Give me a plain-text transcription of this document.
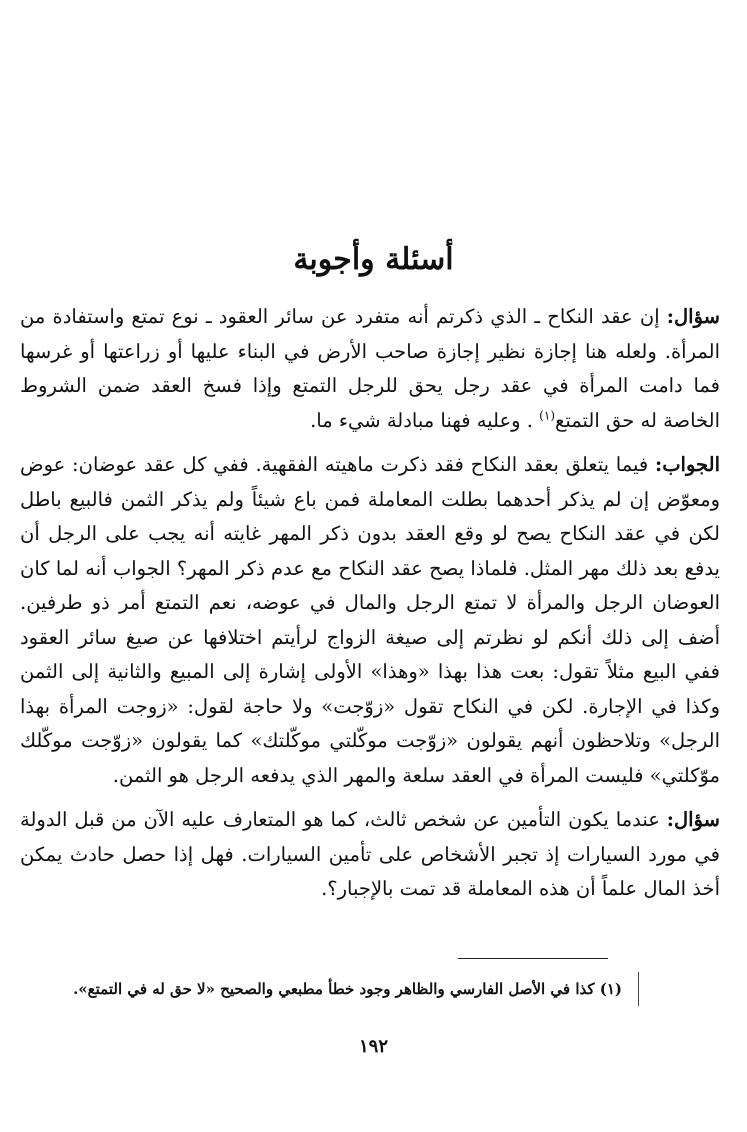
أسئلة وأجوبة

سؤال: إن عقد النكاح ـ الذي ذكرتم أنه متفرد عن سائر العقود ـ نوع تمتع واستفادة من المرأة. ولعله هنا إجازة نظير إجازة صاحب الأرض في البناء عليها أو زراعتها أو غرسها فما دامت المرأة في عقد رجل يحق للرجل التمتع وإذا فسخ العقد ضمن الشروط الخاصة له حق التمتع$^{(١)}$ . وعليه فهنا مبادلة شيء ما.

الجواب: فيما يتعلق بعقد النكاح فقد ذكرت ماهيته الفقهية. ففي كل عقد عوضان: عوض ومعوّض إن لم يذكر أحدهما بطلت المعاملة فمن باع شيئاً ولم يذكر الثمن فالبيع باطل لكن في عقد النكاح يصح لو وقع العقد بدون ذكر المهر غايته أنه يجب على الرجل أن يدفع بعد ذلك مهر المثل. فلماذا يصح عقد النكاح مع عدم ذكر المهر؟ الجواب أنه لما كان العوضان الرجل والمرأة لا تمتع الرجل والمال في عوضه، نعم التمتع أمر ذو طرفين. أضف إلى ذلك أنكم لو نظرتم إلى صيغة الزواج لرأيتم اختلافها عن صيغ سائر العقود ففي البيع مثلاً تقول: بعت هذا بهذا «وهذا» الأولى إشارة إلى المبيع والثانية إلى الثمن وكذا في الإجارة. لكن في النكاح تقول «زوّجت» ولا حاجة لقول: «زوجت المرأة بهذا الرجل» وتلاحظون أنهم يقولون «زوّجت موكّلتي موكّلتك» كما يقولون «زوّجت موكّلك موّكلتي» فليست المرأة في العقد سلعة والمهر الذي يدفعه الرجل هو الثمن.

سؤال: عندما يكون التأمين عن شخص ثالث، كما هو المتعارف عليه الآن من قبل الدولة في مورد السيارات إذ تجبر الأشخاص على تأمين السيارات. فهل إذا حصل حادث يمكن أخذ المال علماً أن هذه المعاملة قد تمت بالإجبار؟.

(١) كذا في الأصل الفارسي والظاهر وجود خطأ مطبعي والصحيح «لا حق له في التمتع».
١٩٢
